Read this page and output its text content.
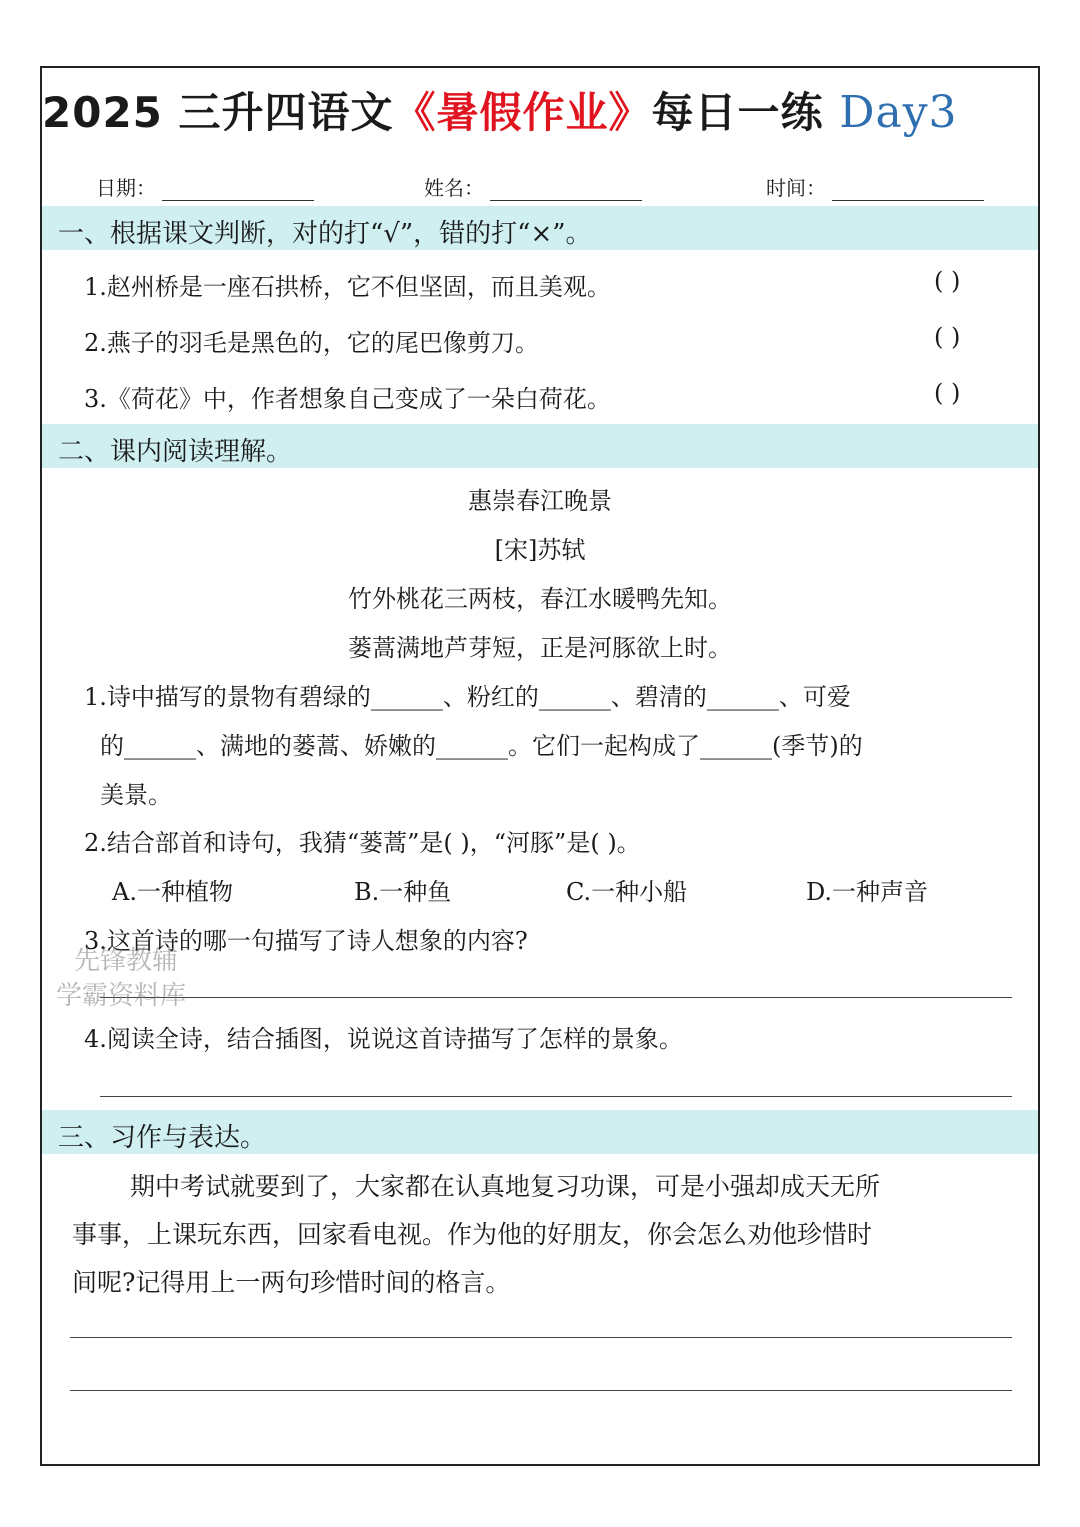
2025 三升四语文《暑假作业》每日一练 Day3
日期：	姓名：	时间：
一、根据课文判断，对的打“√”，错的打“×”。
1.赵州桥是一座石拱桥，它不但坚固，而且美观。	( )
2.燕子的羽毛是黑色的，它的尾巴像剪刀。	( )
3.《荷花》中，作者想象自己变成了一朵白荷花。	( )
二、课内阅读理解。
惠崇春江晚景
[宋]苏轼
竹外桃花三两枝，春江水暖鸭先知。
蒌蒿满地芦芽短，正是河豚欲上时。
1.诗中描写的景物有碧绿的______、粉红的______、碧清的______、可爱
的______、满地的蒌蒿、娇嫩的______。它们一起构成了______(季节)的
美景。
2.结合部首和诗句，我猜“蒌蒿”是( )，“河豚”是( )。
A.一种植物	B.一种鱼	C.一种小船	D.一种声音
3.这首诗的哪一句描写了诗人想象的内容?
先锋教辅
学霸资料库
4.阅读全诗，结合插图，说说这首诗描写了怎样的景象。
三、习作与表达。
期中考试就要到了，大家都在认真地复习功课，可是小强却成天无所
事事，上课玩东西，回家看电视。作为他的好朋友，你会怎么劝他珍惜时
间呢?记得用上一两句珍惜时间的格言。
